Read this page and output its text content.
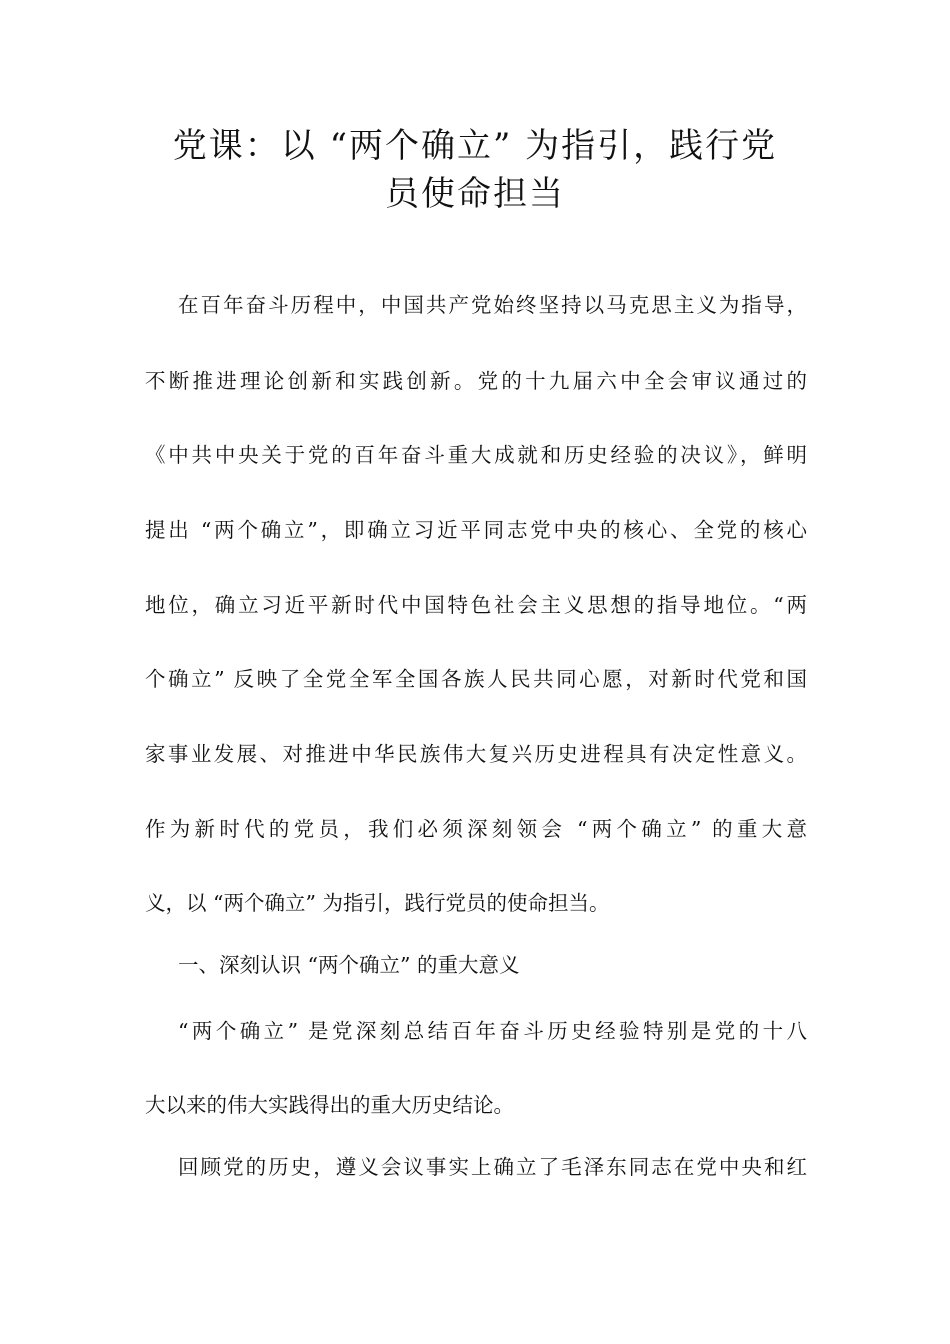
党课：以 “两个确立” 为指引，践行党
员使命担当

在百年奋斗历程中，中国共产党始终坚持以马克思主义为指导，

不断推进理论创新和实践创新。党的十九届六中全会审议通过的

《中共中央关于党的百年奋斗重大成就和历史经验的决议》，鲜明

提出 “两个确立”，即确立习近平同志党中央的核心、全党的核心

地位，确立习近平新时代中国特色社会主义思想的指导地位。“两

个确立” 反映了全党全军全国各族人民共同心愿，对新时代党和国

家事业发展、对推进中华民族伟大复兴历史进程具有决定性意义。

作为新时代的党员，我们必须深刻领会 “两个确立” 的重大意

义，以 “两个确立” 为指引，践行党员的使命担当。

一、深刻认识 “两个确立” 的重大意义

“两个确立” 是党深刻总结百年奋斗历史经验特别是党的十八

大以来的伟大实践得出的重大历史结论。

回顾党的历史，遵义会议事实上确立了毛泽东同志在党中央和红
